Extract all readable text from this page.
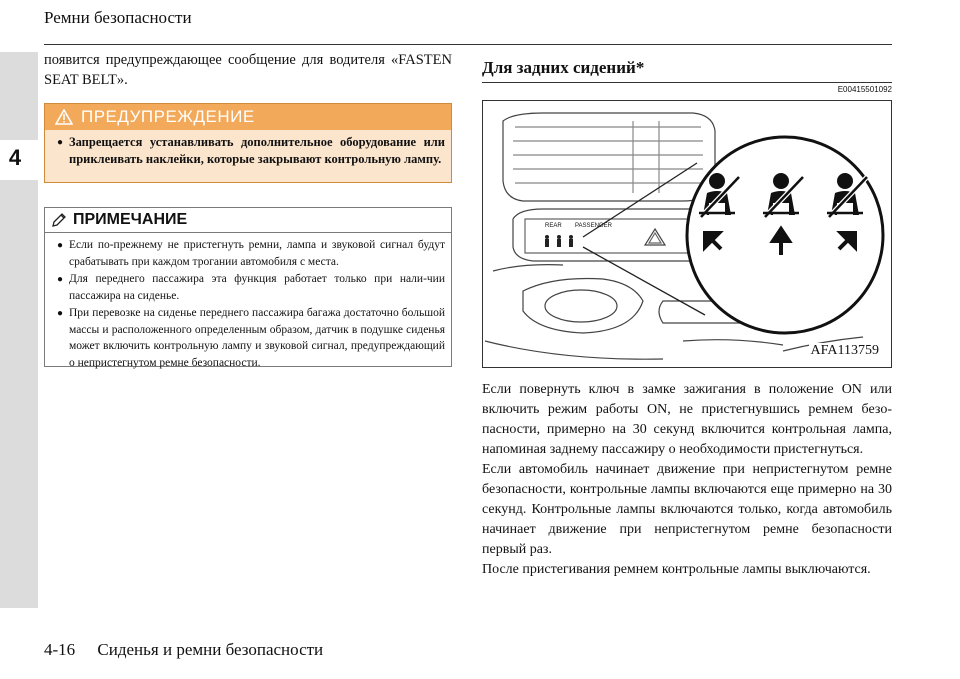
4
Ремни безопасности
появится предупреждающее сообщение для водителя «FASTEN SEAT BELT».
ПРЕДУПРЕЖДЕНИЕ
● Запрещается устанавливать дополнительное оборудование или приклеивать наклейки, которые закрывают контрольную лампу.
ПРИМЕЧАНИЕ
● Если по-прежнему не пристегнуть ремни, лампа и звуковой сигнал будут срабатывать при каждом трогании автомобиля с места.
● Для переднего пассажира эта функция работает только при нали-чии пассажира на сиденье.
● При перевозке на сиденье переднего пассажира багажа достаточно большой массы и расположенного определенным образом, датчик в подушке сиденья может включить контрольную лампу и звуковой сигнал, предупреждающий о непристегнутом ремне безопасности.
Для задних сидений*
E00415501092
REAR PASSENGER
AFA113759

Если повернуть ключ в замке зажигания в положение ON или включить режим работы ON, не пристегнувшись ремнем безо-пасности, примерно на 30 секунд включится контрольная лампа, напоминая заднему пассажиру о необходимости пристегнуться.

Если автомобиль начинает движение при непристегнутом ремне безопасности, контрольные лампы включаются еще примерно на 30 секунд. Контрольные лампы включаются только, когда автомобиль начинает движение при непристегнутом ремне безопасности первый раз.

После пристегивания ремнем контрольные лампы выключаются.

4-16 Сиденья и ремни безопасности
